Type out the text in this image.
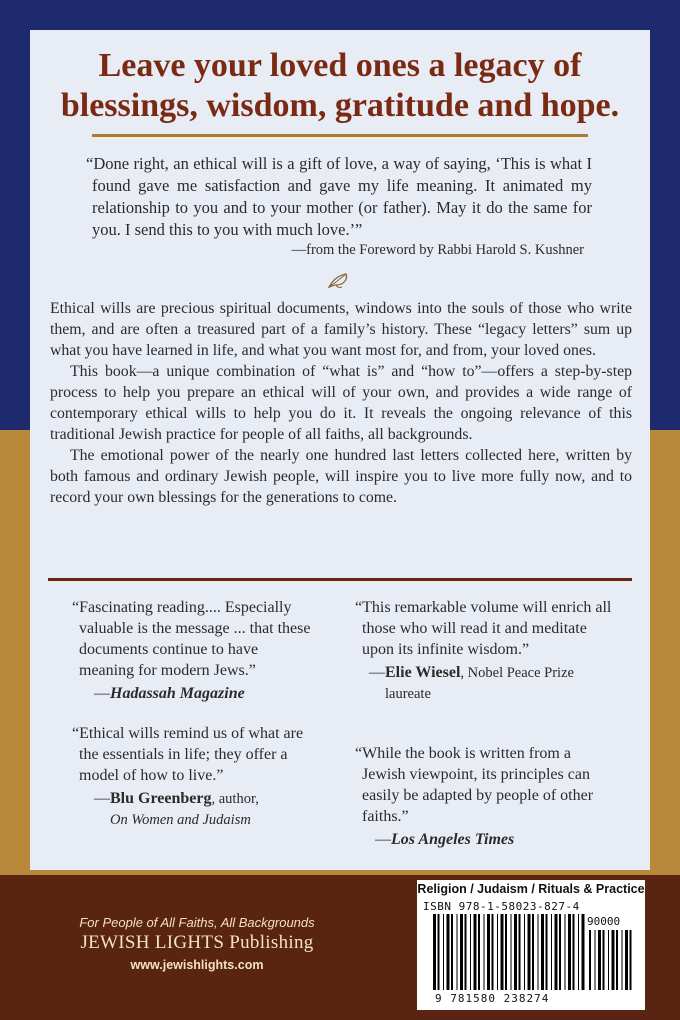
Leave your loved ones a legacy of
blessings, wisdom, gratitude and hope.
“Done right, an ethical will is a gift of love, a way of saying, ‘This is what I found gave me satisfaction and gave my life meaning. It animated my relationship to you and to your mother (or father). May it do the same for you. I send this to you with much love.’”
—from the Foreword by Rabbi Harold S. Kushner

Ethical wills are precious spiritual documents, windows into the souls of those who write them, and are often a treasured part of a family’s history. These “legacy letters” sum up what you have learned in life, and what you want most for, and from, your loved ones.

This book—a unique combination of “what is” and “how to”—offers a step-by-step process to help you prepare an ethical will of your own, and provides a wide range of contemporary ethical wills to help you do it. It reveals the ongoing relevance of this traditional Jewish practice for people of all faiths, all backgrounds.

The emotional power of the nearly one hundred last letters collected here, written by both famous and ordinary Jewish people, will inspire you to live more fully now, and to record your own blessings for the generations to come.

“Fascinating reading.... Especially valuable is the message ... that these documents continue to have meaning for modern Jews.”
—Hadassah Magazine
“This remarkable volume will enrich all those who will read it and meditate upon its infinite wisdom.”
—Elie Wiesel, Nobel Peace Prize
laureate
“Ethical wills remind us of what are the essentials in life; they offer a model of how to live.”
—Blu Greenberg, author,
On Women and Judaism
“While the book is written from a Jewish viewpoint, its principles can easily be adapted by people of other faiths.”
—Los Angeles Times
For People of All Faiths, All Backgrounds
JEWISH LIGHTS Publishing
www.jewishlights.com
Religion / Judaism / Rituals & Practice
ISBN 978-1-58023-827-4
90000
9 781580 238274
